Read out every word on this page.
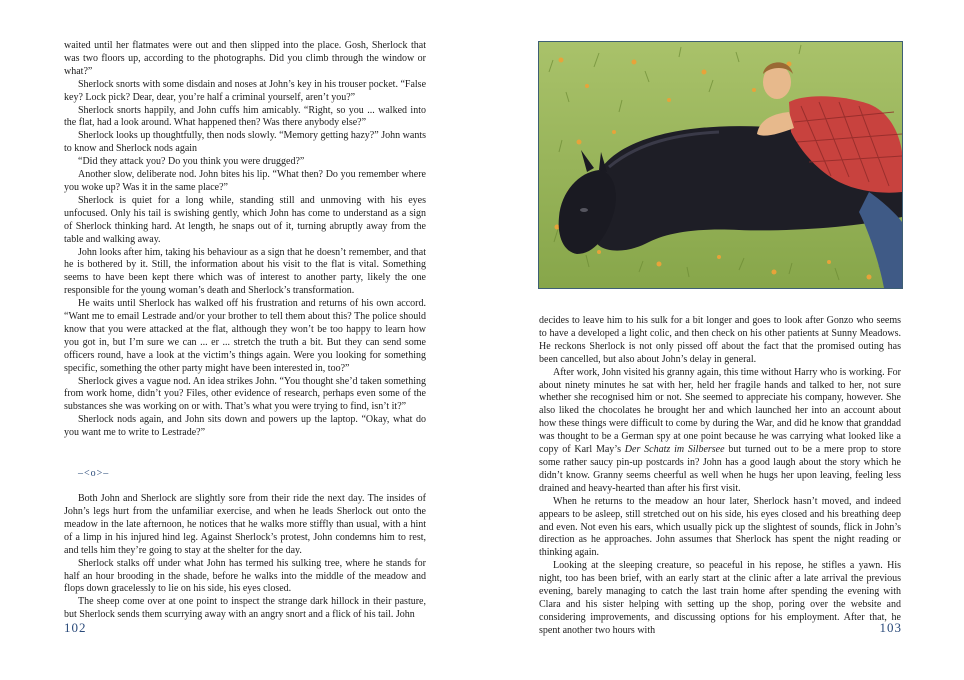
waited until her flatmates were out and then slipped into the place. Gosh, Sherlock that was two floors up, according to the photographs. Did you climb through the window or what?”

Sherlock snorts with some disdain and noses at John’s key in his trouser pocket. “False key? Lock pick? Dear, dear, you’re half a criminal yourself, aren’t you?”

Sherlock snorts happily, and John cuffs him amicably. “Right, so you ... walked into the flat, had a look around. What happened then? Was there anybody else?”

Sherlock looks up thoughtfully, then nods slowly. “Memory getting hazy?” John wants to know and Sherlock nods again

“Did they attack you? Do you think you were drugged?”

Another slow, deliberate nod. John bites his lip. “What then? Do you remember where you woke up? Was it in the same place?”

Sherlock is quiet for a long while, standing still and unmoving with his eyes unfocused. Only his tail is swishing gently, which John has come to understand as a sign of Sherlock thinking hard. At length, he snaps out of it, turning abruptly away from the table and walking away.

John looks after him, taking his behaviour as a sign that he doesn’t remember, and that he is bothered by it. Still, the information about his visit to the flat is vital. Something seems to have been kept there which was of interest to another party, likely the one responsible for the young woman’s death and Sherlock’s transformation.

He waits until Sherlock has walked off his frustration and returns of his own accord. “Want me to email Lestrade and/or your brother to tell them about this? The police should know that you were attacked at the flat, although they won’t be too happy to learn how you got in, but I’m sure we can ... er ... stretch the truth a bit. But they can send some officers round, have a look at the victim’s things again. Were you looking for something specific, something the other party might have been interested in, too?”

Sherlock gives a vague nod. An idea strikes John. “You thought she’d taken something from work home, didn’t you? Files, other evidence of research, perhaps even some of the substances she was working on or with. That’s what you were trying to find, isn’t it?”

Sherlock nods again, and John sits down and powers up the laptop. “Okay, what do you want me to write to Lestrade?”

–<o>–

Both John and Sherlock are slightly sore from their ride the next day. The insides of John’s legs hurt from the unfamiliar exercise, and when he leads Sherlock out onto the meadow in the late afternoon, he notices that he walks more stiffly than usual, with a hint of a limp in his injured hind leg. Against Sherlock’s protest, John condemns him to rest, and tells him they’re going to stay at the shelter for the day.

Sherlock stalks off under what John has termed his sulking tree, where he stands for half an hour brooding in the shade, before he walks into the middle of the meadow and flops down gracelessly to lie on his side, his eyes closed.

The sheep come over at one point to inspect the strange dark hillock in their pasture, but Sherlock sends them scurrying away with an angry snort and a flick of his tail. John

102

decides to leave him to his sulk for a bit longer and goes to look after Gonzo who seems to have a developed a light colic, and then check on his other patients at Sunny Meadows. He reckons Sherlock is not only pissed off about the fact that the promised outing has been cancelled, but also about John’s delay in general.

After work, John visited his granny again, this time without Harry who is working. For about ninety minutes he sat with her, held her fragile hands and talked to her, not sure whether she recognised him or not. She seemed to appreciate his company, however. She also liked the chocolates he brought her and which launched her into an account about how these things were difficult to come by during the War, and did he know that granddad was thought to be a German spy at one point because he was carrying what looked like a copy of Karl May’s Der Schatz im Silbersee but turned out to be a mere prop to store some rather saucy pin-up postcards in? John has a good laugh about the story which he didn’t know. Granny seems cheerful as well when he hugs her upon leaving, feeling less drained and heavy-hearted than after his first visit.

When he returns to the meadow an hour later, Sherlock hasn’t moved, and indeed appears to be asleep, still stretched out on his side, his eyes closed and his breathing deep and even. Not even his ears, which usually pick up the slightest of sounds, flick in John’s direction as he approaches. John assumes that Sherlock has spent the night reading or thinking again.

Looking at the sleeping creature, so peaceful in his repose, he stifles a yawn. His night, too has been brief, with an early start at the clinic after a late arrival the previous evening, barely managing to catch the last train home after spending the evening with Clara and his sister helping with setting up the shop, poring over the website and considering improvements, and discussing options for his employment. After that, he spent another two hours with	103
